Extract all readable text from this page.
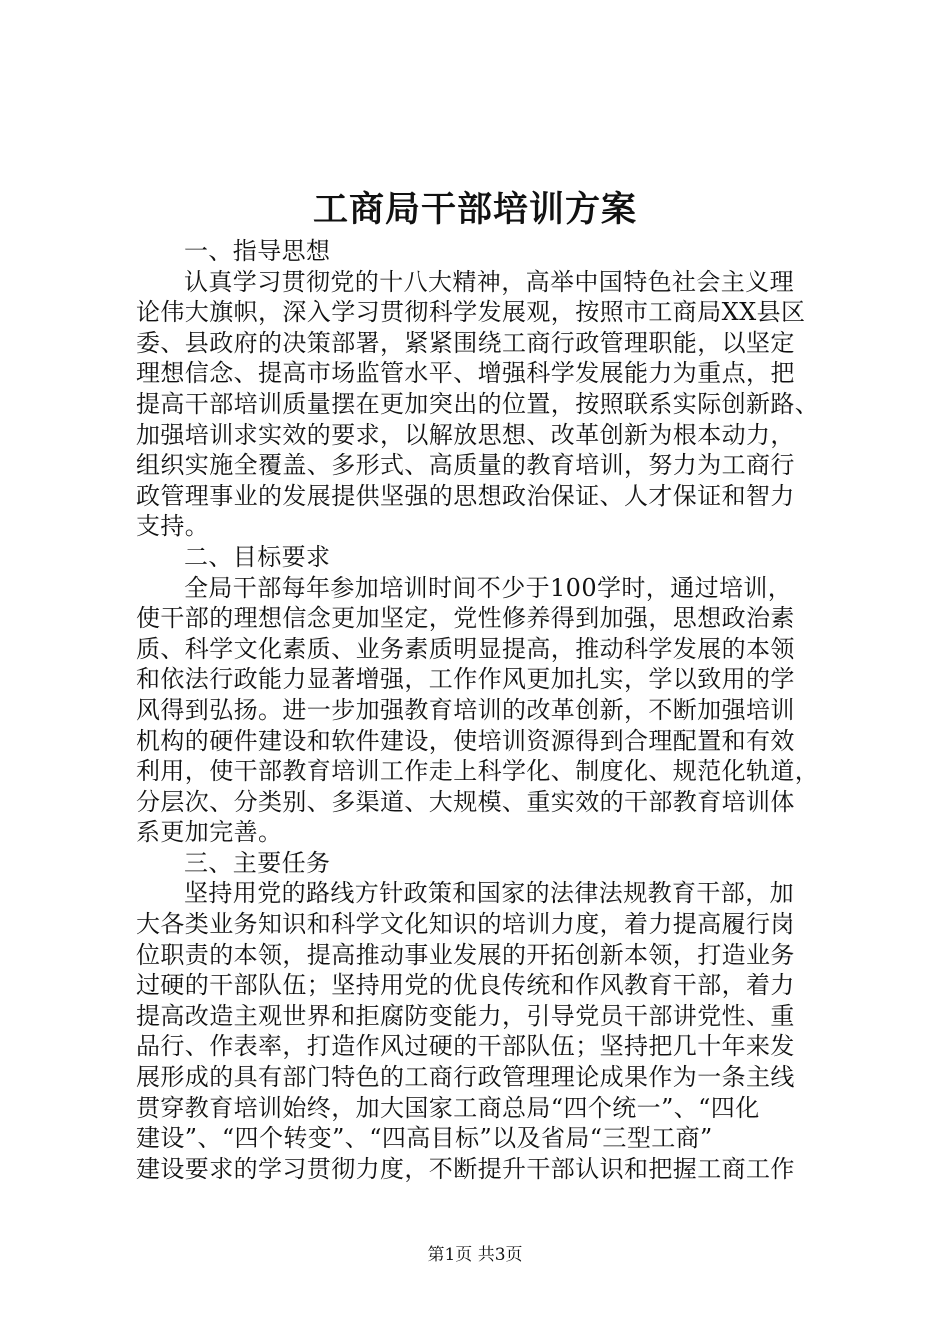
工商局干部培训方案
一、指导思想
认真学习贯彻党的十八大精神，高举中国特色社会主义理
论伟大旗帜，深入学习贯彻科学发展观，按照市工商局XX县区
委、县政府的决策部署，紧紧围绕工商行政管理职能，以坚定
理想信念、提高市场监管水平、增强科学发展能力为重点，把
提高干部培训质量摆在更加突出的位置，按照联系实际创新路、
加强培训求实效的要求，以解放思想、改革创新为根本动力，
组织实施全覆盖、多形式、高质量的教育培训，努力为工商行
政管理事业的发展提供坚强的思想政治保证、人才保证和智力
支持。
二、目标要求
全局干部每年参加培训时间不少于100学时，通过培训，
使干部的理想信念更加坚定，党性修养得到加强，思想政治素
质、科学文化素质、业务素质明显提高，推动科学发展的本领
和依法行政能力显著增强，工作作风更加扎实，学以致用的学
风得到弘扬。进一步加强教育培训的改革创新，不断加强培训
机构的硬件建设和软件建设，使培训资源得到合理配置和有效
利用，使干部教育培训工作走上科学化、制度化、规范化轨道，
分层次、分类别、多渠道、大规模、重实效的干部教育培训体
系更加完善。
三、主要任务
坚持用党的路线方针政策和国家的法律法规教育干部，加
大各类业务知识和科学文化知识的培训力度，着力提高履行岗
位职责的本领，提高推动事业发展的开拓创新本领，打造业务
过硬的干部队伍；坚持用党的优良传统和作风教育干部，着力
提高改造主观世界和拒腐防变能力，引导党员干部讲党性、重
品行、作表率，打造作风过硬的干部队伍；坚持把几十年来发
展形成的具有部门特色的工商行政管理理论成果作为一条主线
贯穿教育培训始终，加大国家工商总局“四个统一”、“四化
建设”、“四个转变”、“四高目标”以及省局“三型工商”
建设要求的学习贯彻力度，不断提升干部认识和把握工商工作
第1页 共3页
